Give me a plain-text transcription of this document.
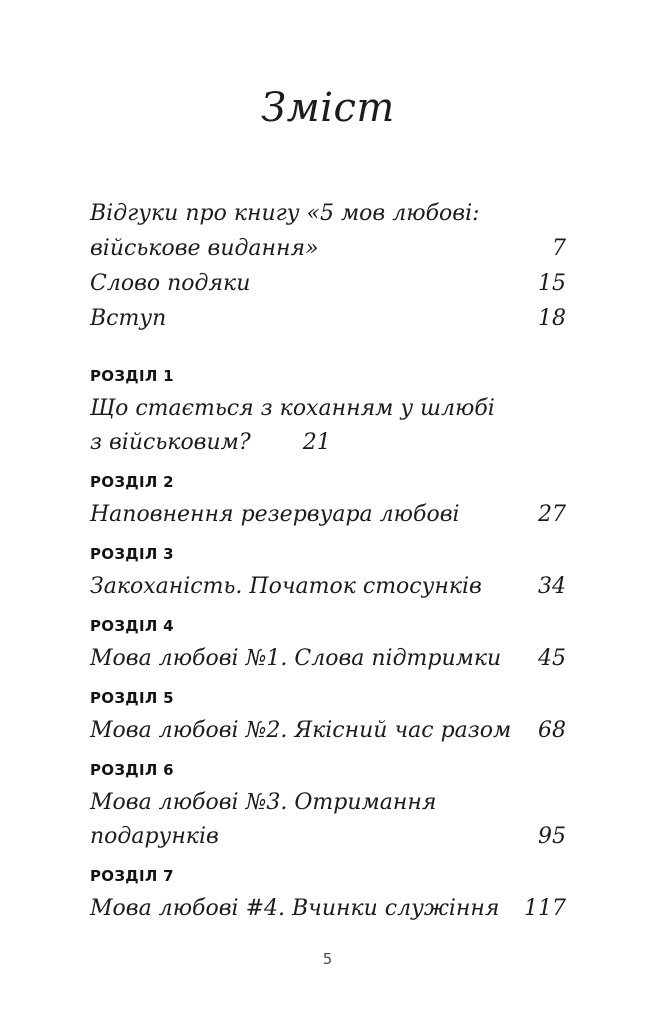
Зміст
Відгуки про книгу «5 мов любові:
військове видання»	7
Слово подяки	15
Вступ	18
РОЗДІЛ 1
Що стається з коханням у шлюбі
з військовим? 21
РОЗДІЛ 2
Наповнення резервуара любові	27
РОЗДІЛ 3
Закоханість. Початок стосунків	34
РОЗДІЛ 4
Мова любові №1. Слова підтримки 45
РОЗДІЛ 5
Мова любові №2. Якісний час разом 68
РОЗДІЛ 6
Мова любові №3. Отримання
подарунків	95
РОЗДІЛ 7
Мова любові #4. Вчинки служіння 117
5
